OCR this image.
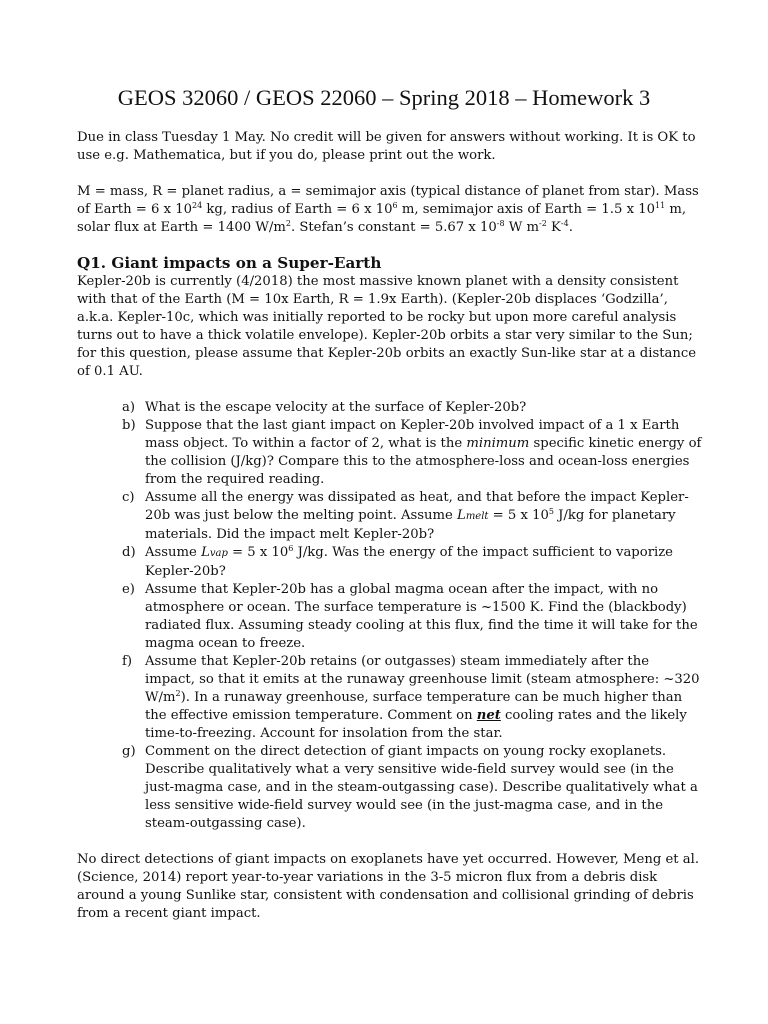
GEOS 32060 / GEOS 22060 – Spring 2018 – Homework 3

Due in class Tuesday 1 May. No credit will be given for answers without working. It is OK to use e.g. Mathematica, but if you do, please print out the work.

M = mass, R = planet radius, a = semimajor axis (typical distance of planet from star). Mass of Earth = 6 x $10^{24}$ kg, radius of Earth = 6 x $10^6$ m, semimajor axis of Earth = 1.5 x $10^{11}$ m, solar flux at Earth = 1400 $W/m^2$. Stefan’s constant = 5.67 x $10^{-8}$ W $m^{-2}$ $K^{-4}$.

Q1. Giant impacts on a Super-Earth

Kepler-20b is currently (4/2018) the most massive known planet with a density consistent with that of the Earth (M = 10x Earth, R = 1.9x Earth). (Kepler-20b displaces ‘Godzilla’, a.k.a. Kepler-10c, which was initially reported to be rocky but upon more careful analysis turns out to have a thick volatile envelope). Kepler-20b orbits a star very similar to the Sun; for this question, please assume that Kepler-20b orbits an exactly Sun-like star at a distance of 0.1 AU.

a) What is the escape velocity at the surface of Kepler-20b?
b) Suppose that the last giant impact on Kepler-20b involved impact of a 1 x Earth mass object. To within a factor of 2, what is the minimum specific kinetic energy of the collision (J/kg)? Compare this to the atmosphere-loss and ocean-loss energies from the required reading.
c) Assume all the energy was dissipated as heat, and that before the impact Kepler-20b was just below the melting point. Assume Lmelt = 5 x $10^5$ J/kg for planetary materials. Did the impact melt Kepler-20b?
d) Assume Lvap = 5 x $10^6$ J/kg. Was the energy of the impact sufficient to vaporize Kepler-20b?
e) Assume that Kepler-20b has a global magma ocean after the impact, with no atmosphere or ocean. The surface temperature is ~1500 K. Find the (blackbody) radiated flux. Assuming steady cooling at this flux, find the time it will take for the magma ocean to freeze.
f) Assume that Kepler-20b retains (or outgasses) steam immediately after the impact, so that it emits at the runaway greenhouse limit (steam atmosphere: ~320 $W/m^2$). In a runaway greenhouse, surface temperature can be much higher than the effective emission temperature. Comment on net cooling rates and the likely time-to-freezing. Account for insolation from the star.
g) Comment on the direct detection of giant impacts on young rocky exoplanets. Describe qualitatively what a very sensitive wide-field survey would see (in the just-magma case, and in the steam-outgassing case). Describe qualitatively what a less sensitive wide-field survey would see (in the just-magma case, and in the steam-outgassing case).

No direct detections of giant impacts on exoplanets have yet occurred. However, Meng et al. (Science, 2014) report year-to-year variations in the 3-5 micron flux from a debris disk around a young Sunlike star, consistent with condensation and collisional grinding of debris from a recent giant impact.
